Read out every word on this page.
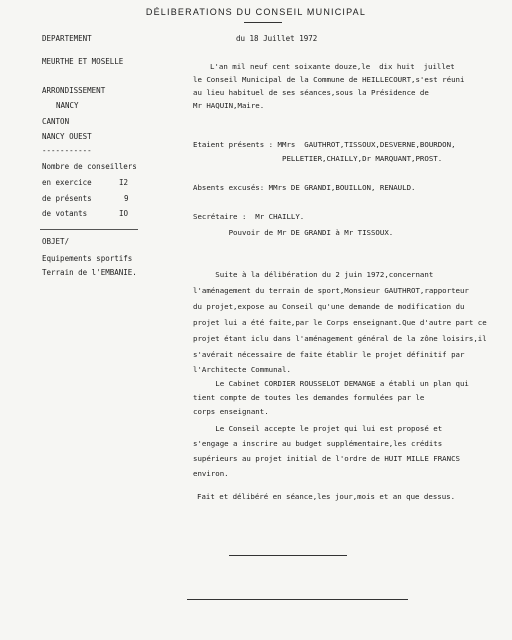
DÉLIBERATIONS DU CONSEIL MUNICIPAL
DEPARTEMENT
MEURTHE ET MOSELLE
ARRONDISSEMENT
NANCY
CANTON
NANCY OUEST
-----------
Nombre de conseillers
en exercice	I2
de présents	9
de votants	IO
OBJET/
Equipements sportifs
Terrain de l'EMBANIE.
du 18 Juillet 1972
L'an mil neuf cent soixante douze,le  dix huit  juillet
le Conseil Municipal de la Commune de HEILLECOURT,s'est réuni
au lieu habituel de ses séances,sous la Présidence de
Mr HAQUIN,Maire.
Etaient présents : MMrs  GAUTHROT,TISSOUX,DESVERNE,BOURDON,
PELLETIER,CHAILLY,Dr MARQUANT,PROST.
Absents excusés: MMrs DE GRANDI,BOUILLON, RENAULD.
Secrétaire :  Mr CHAILLY.
Pouvoir de Mr DE GRANDI à Mr TISSOUX.
Suite à la délibération du 2 juin 1972,concernant
l'aménagement du terrain de sport,Monsieur GAUTHROT,rapporteur
du projet,expose au Conseil qu'une demande de modification du
projet lui a été faite,par le Corps enseignant.Que d'autre part ce
projet étant iclu dans l'aménagement général de la zône loisirs,il
s'avérait nécessaire de faite établir le projet définitif par
l'Architecte Communal.
Le Cabinet CORDIER ROUSSELOT DEMANGE a établi un plan qui
tient compte de toutes les demandes formulées par le
corps enseignant.
Le Conseil accepte le projet qui lui est proposé et
s'engage a inscrire au budget supplémentaire,les crédits
supérieurs au projet initial de l'ordre de HUIT MILLE FRANCS
environ.
Fait et délibéré en séance,les jour,mois et an que dessus.
